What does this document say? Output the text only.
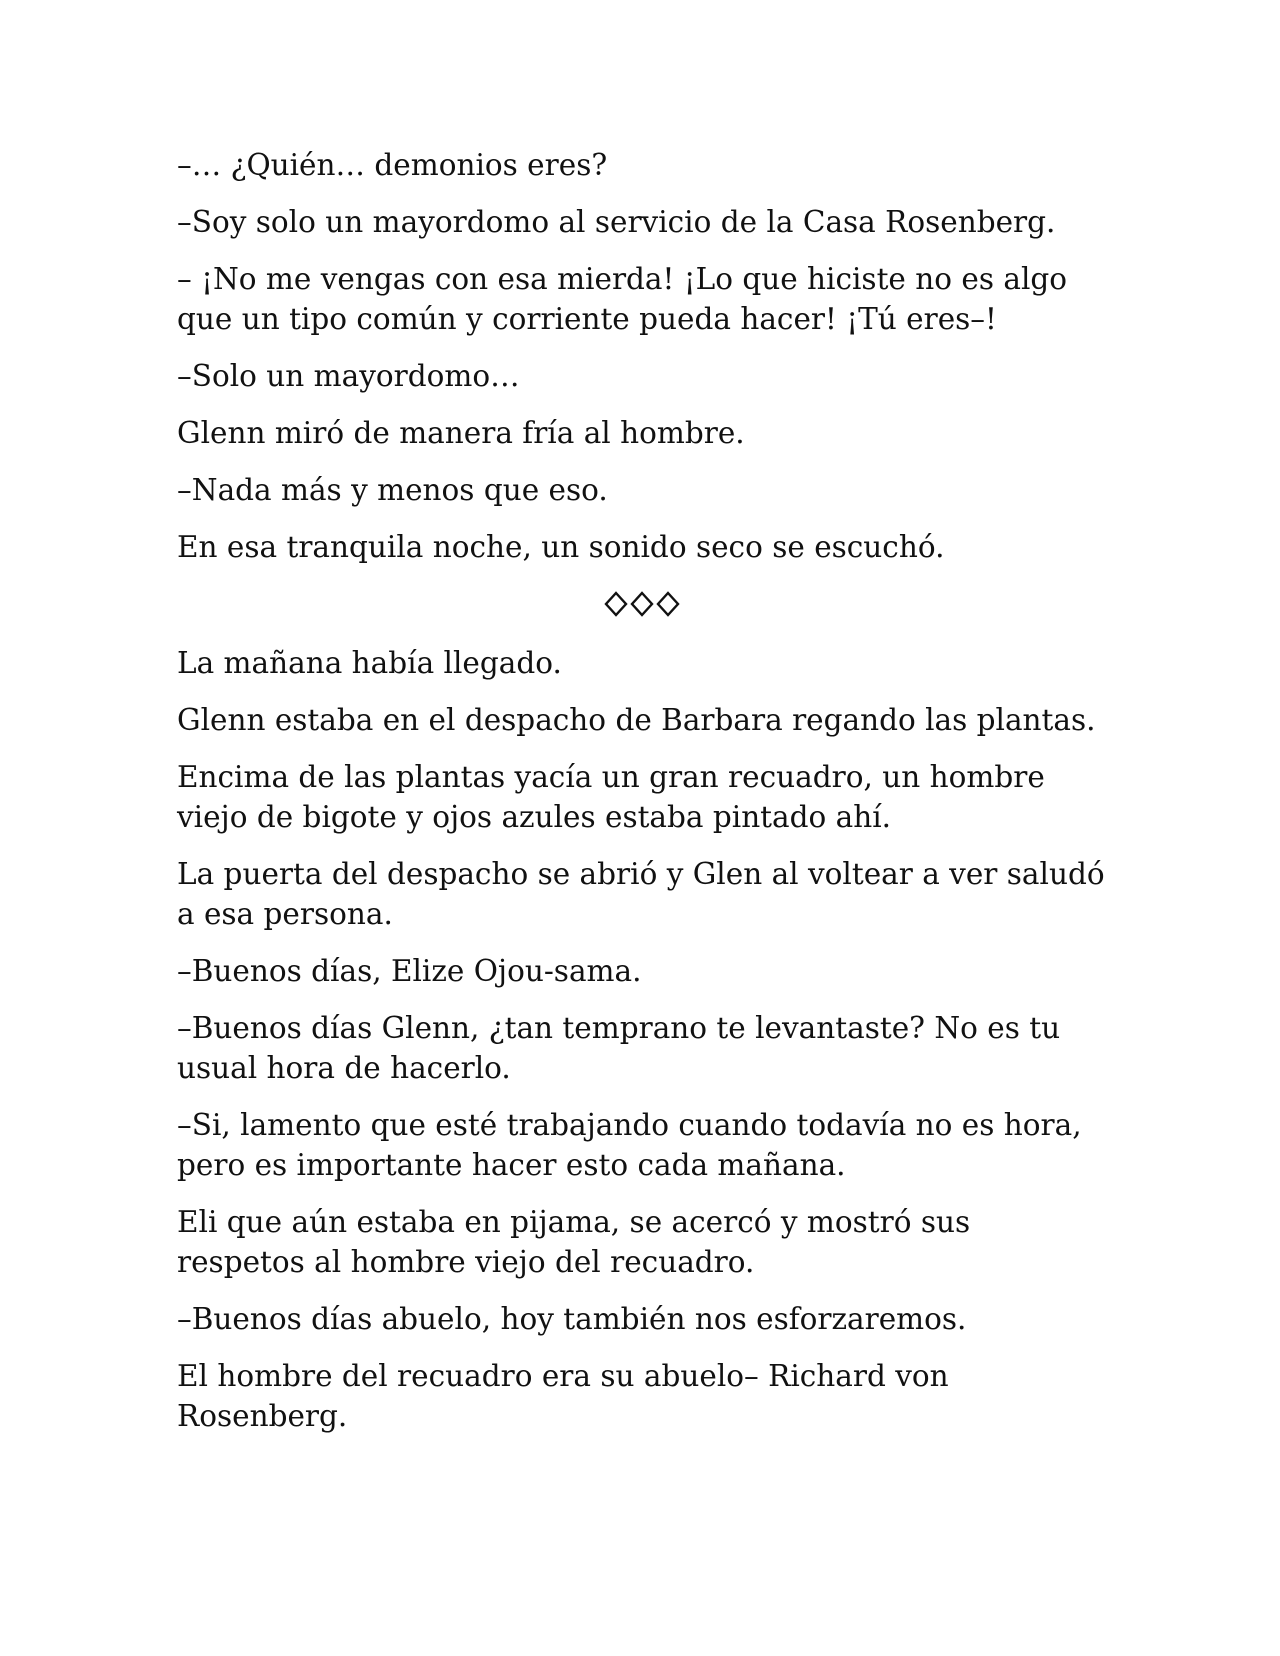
–… ¿Quién… demonios eres?

–Soy solo un mayordomo al servicio de la Casa Rosenberg.

– ¡No me vengas con esa mierda! ¡Lo que hiciste no es algo que un tipo común y corriente pueda hacer! ¡Tú eres–!

–Solo un mayordomo…

Glenn miró de manera fría al hombre.

–Nada más y menos que eso.

En esa tranquila noche, un sonido seco se escuchó.

La mañana había llegado.

Glenn estaba en el despacho de Barbara regando las plantas.

Encima de las plantas yacía un gran recuadro, un hombre viejo de bigote y ojos azules estaba pintado ahí.

La puerta del despacho se abrió y Glen al voltear a ver saludó a esa persona.

–Buenos días, Elize Ojou-sama.

–Buenos días Glenn, ¿tan temprano te levantaste? No es tu usual hora de hacerlo.

–Si, lamento que esté trabajando cuando todavía no es hora, pero es importante hacer esto cada mañana.

Eli que aún estaba en pijama, se acercó y mostró sus respetos al hombre viejo del recuadro.

–Buenos días abuelo, hoy también nos esforzaremos.

El hombre del recuadro era su abuelo– Richard von Rosenberg.
